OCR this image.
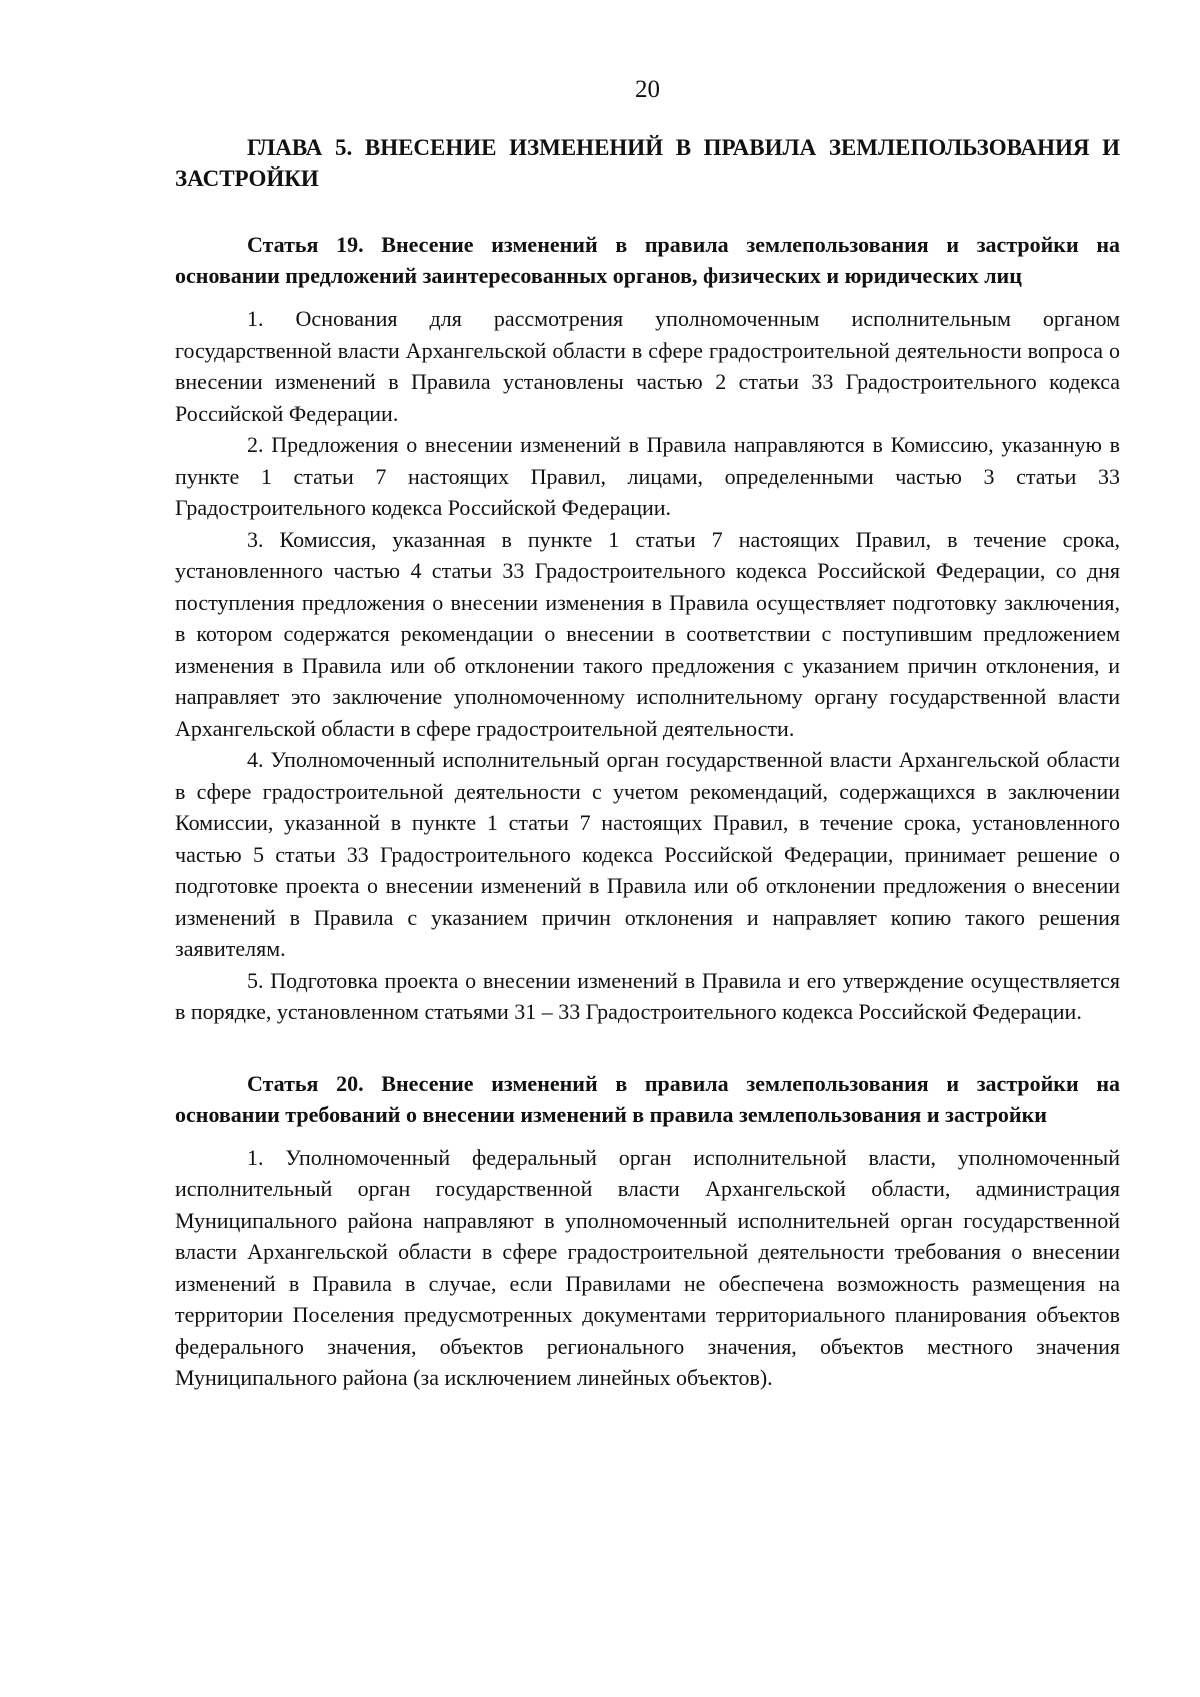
20
ГЛАВА 5. ВНЕСЕНИЕ ИЗМЕНЕНИЙ В ПРАВИЛА ЗЕМЛЕПОЛЬЗОВАНИЯ И ЗАСТРОЙКИ
Статья 19. Внесение изменений в правила землепользования и застройки на основании предложений заинтересованных органов, физических и юридических лиц

1. Основания для рассмотрения уполномоченным исполнительным органом государственной власти Архангельской области в сфере градостроительной деятельности вопроса о внесении изменений в Правила установлены частью 2 статьи 33 Градостроительного кодекса Российской Федерации.

2. Предложения о внесении изменений в Правила направляются в Комиссию, указанную в пункте 1 статьи 7 настоящих Правил, лицами, определенными частью 3 статьи 33 Градостроительного кодекса Российской Федерации.

3. Комиссия, указанная в пункте 1 статьи 7 настоящих Правил, в течение срока, установленного частью 4 статьи 33 Градостроительного кодекса Российской Федерации, со дня поступления предложения о внесении изменения в Правила осуществляет подготовку заключения, в котором содержатся рекомендации о внесении в соответствии с поступившим предложением изменения в Правила или об отклонении такого предложения с указанием причин отклонения, и направляет это заключение уполномоченному исполнительному органу государственной власти Архангельской области в сфере градостроительной деятельности.

4. Уполномоченный исполнительный орган государственной власти Архангельской области в сфере градостроительной деятельности с учетом рекомендаций, содержащихся в заключении Комиссии, указанной в пункте 1 статьи 7 настоящих Правил, в течение срока, установленного частью 5 статьи 33 Градостроительного кодекса Российской Федерации, принимает решение о подготовке проекта о внесении изменений в Правила или об отклонении предложения о внесении изменений в Правила с указанием причин отклонения и направляет копию такого решения заявителям.

5. Подготовка проекта о внесении изменений в Правила и его утверждение осуществляется в порядке, установленном статьями 31 – 33 Градостроительного кодекса Российской Федерации.

Статья 20. Внесение изменений в правила землепользования и застройки на основании требований о внесении изменений в правила землепользования и застройки

1. Уполномоченный федеральный орган исполнительной власти, уполномоченный исполнительный орган государственной власти Архангельской области, администрация Муниципального района направляют в уполномоченный исполнительней орган государственной власти Архангельской области в сфере градостроительной деятельности требования о внесении изменений в Правила в случае, если Правилами не обеспечена возможность размещения на территории Поселения предусмотренных документами территориального планирования объектов федерального значения, объектов регионального значения, объектов местного значения Муниципального района (за исключением линейных объектов).
